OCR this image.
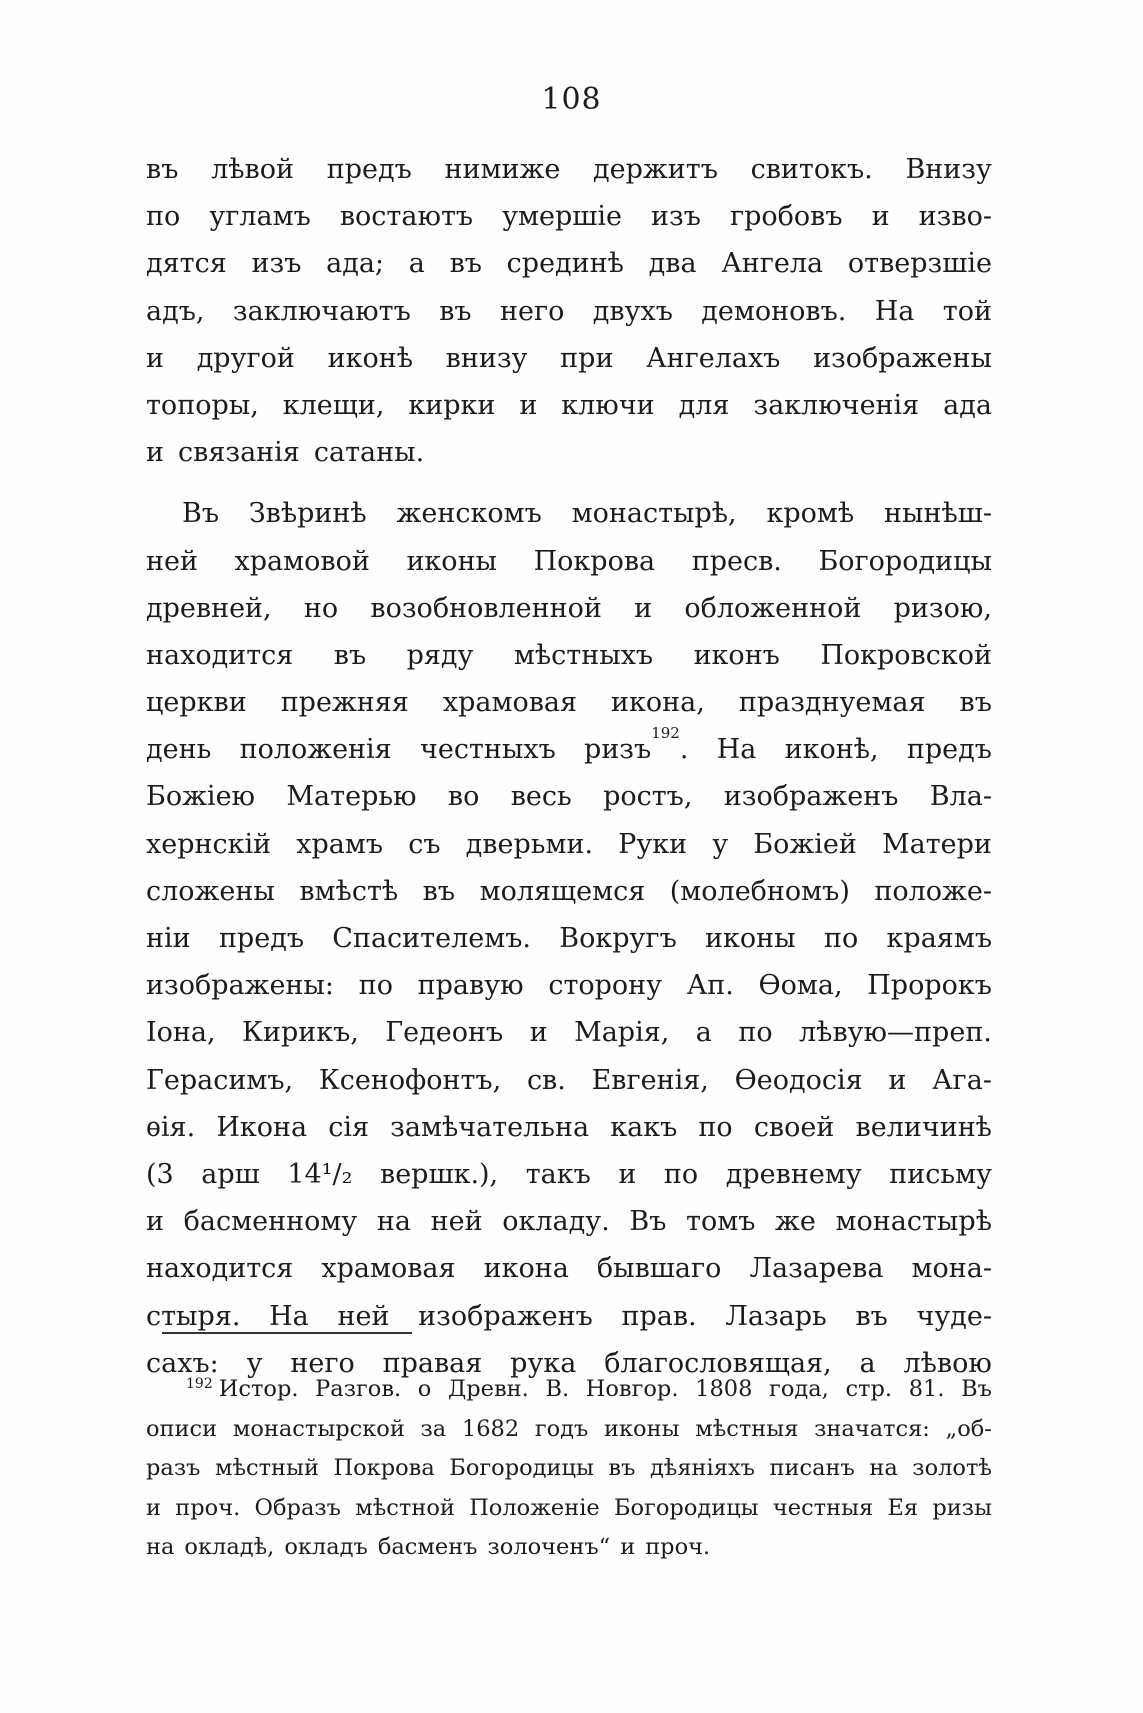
108
въ лѣвой предъ нимиже держитъ свитокъ. Внизу
по угламъ востаютъ умершіе изъ гробовъ и изво-
дятся изъ ада; а въ срединѣ два Ангела отверзшіе
адъ, заключаютъ въ него двухъ демоновъ. На той
и другой иконѣ внизу при Ангелахъ изображены
топоры, клещи, кирки и ключи для заключенія ада
и связанія сатаны.
Въ Звѣринѣ женскомъ монастырѣ, кромѣ нынѣш-
ней храмовой иконы Покрова пресв. Богородицы
древней, но возобновленной и обложенной ризою,
находится въ ряду мѣстныхъ иконъ Покровской
церкви прежняя храмовая икона, празднуемая въ
день положенія честныхъ ризъ$^{192}$. На иконѣ, предъ
Божіею Матерью во весь ростъ, изображенъ Вла-
хернскій храмъ съ дверьми. Руки у Божіей Матери
сложены вмѣстѣ въ молящемся (молебномъ) положе-
ніи предъ Спасителемъ. Вокругъ иконы по краямъ
изображены: по правую сторону Ап. Ѳома, Пророкъ
Іона, Кирикъ, Гедеонъ и Марія, а по лѣвую—преп.
Герасимъ, Ксенофонтъ, св. Евгенія, Ѳеодосія и Ага-
ѳія. Икона сія замѣчательна какъ по своей величинѣ
(3 арш 14¹/₂ вершк.), такъ и по древнему письму
и басменному на ней окладу. Въ томъ же монастырѣ
находится храмовая икона бывшаго Лазарева мона-
стыря. На ней изображенъ прав. Лазарь въ чуде-
сахъ: у него правая рука благословящая, а лѣвою
192 Истор. Разгов. о Древн. В. Новгор. 1808 года, стр. 81. Въ
описи монастырской за 1682 годъ иконы мѣстныя значатся: „об-
разъ мѣстный Покрова Богородицы въ дѣяніяхъ писанъ на золотѣ
и проч. Образъ мѣстной Положеніе Богородицы честныя Ея ризы
на окладѣ, окладъ басменъ золоченъ“ и проч.
